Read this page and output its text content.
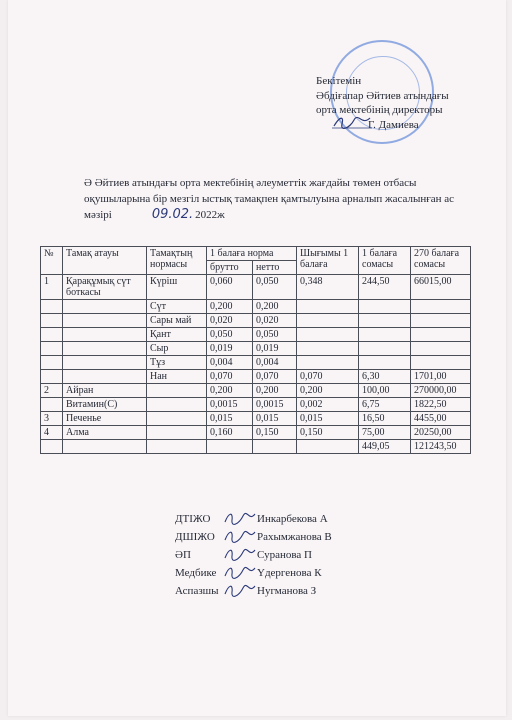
Бекітемін
Әбдіғапар Әйтиев атындағы
орта мектебінің директоры
Г. Дамиева
Ә Әйтиев атындағы орта мектебінің әлеуметтік жағдайы төмен отбасы
оқушыларына бір мезгіл ыстық тамақпен қамтылуына арналып жасалынған ас
мәзірі	09.02. 2022ж
№	Тамақ атауы	Тамақтың нормасы	1 балаға норма		Шығымы 1 балаға	1 балаға сомасы	270 балаға сомасы
			брутто	нетто			
1	Қарақұмық сүт боткасы	Күріш	0,060	0,050	0,348	244,50	66015,00
		Сүт	0,200	0,200			
		Сары май	0,020	0,020			
		Қант	0,050	0,050			
		Сыр	0,019	0,019			
		Тұз	0,004	0,004			
		Нан	0,070	0,070	0,070	6,30	1701,00
2	Айран		0,200	0,200	0,200	100,00	270000,00
	Витамин(С)		0,0015	0,0015	0,002	6,75	1822,50
3	Печенье		0,015	0,015	0,015	16,50	4455,00
4	Алма		0,160	0,150	0,150	75,00	20250,00
						449,05	121243,50
ДТІЖО	Инкарбекова А
ДШІЖО	Рахымжанова В
ӘП	Суранова П
Медбике	Үдергенова К
Аспазшы	Нугманова З
